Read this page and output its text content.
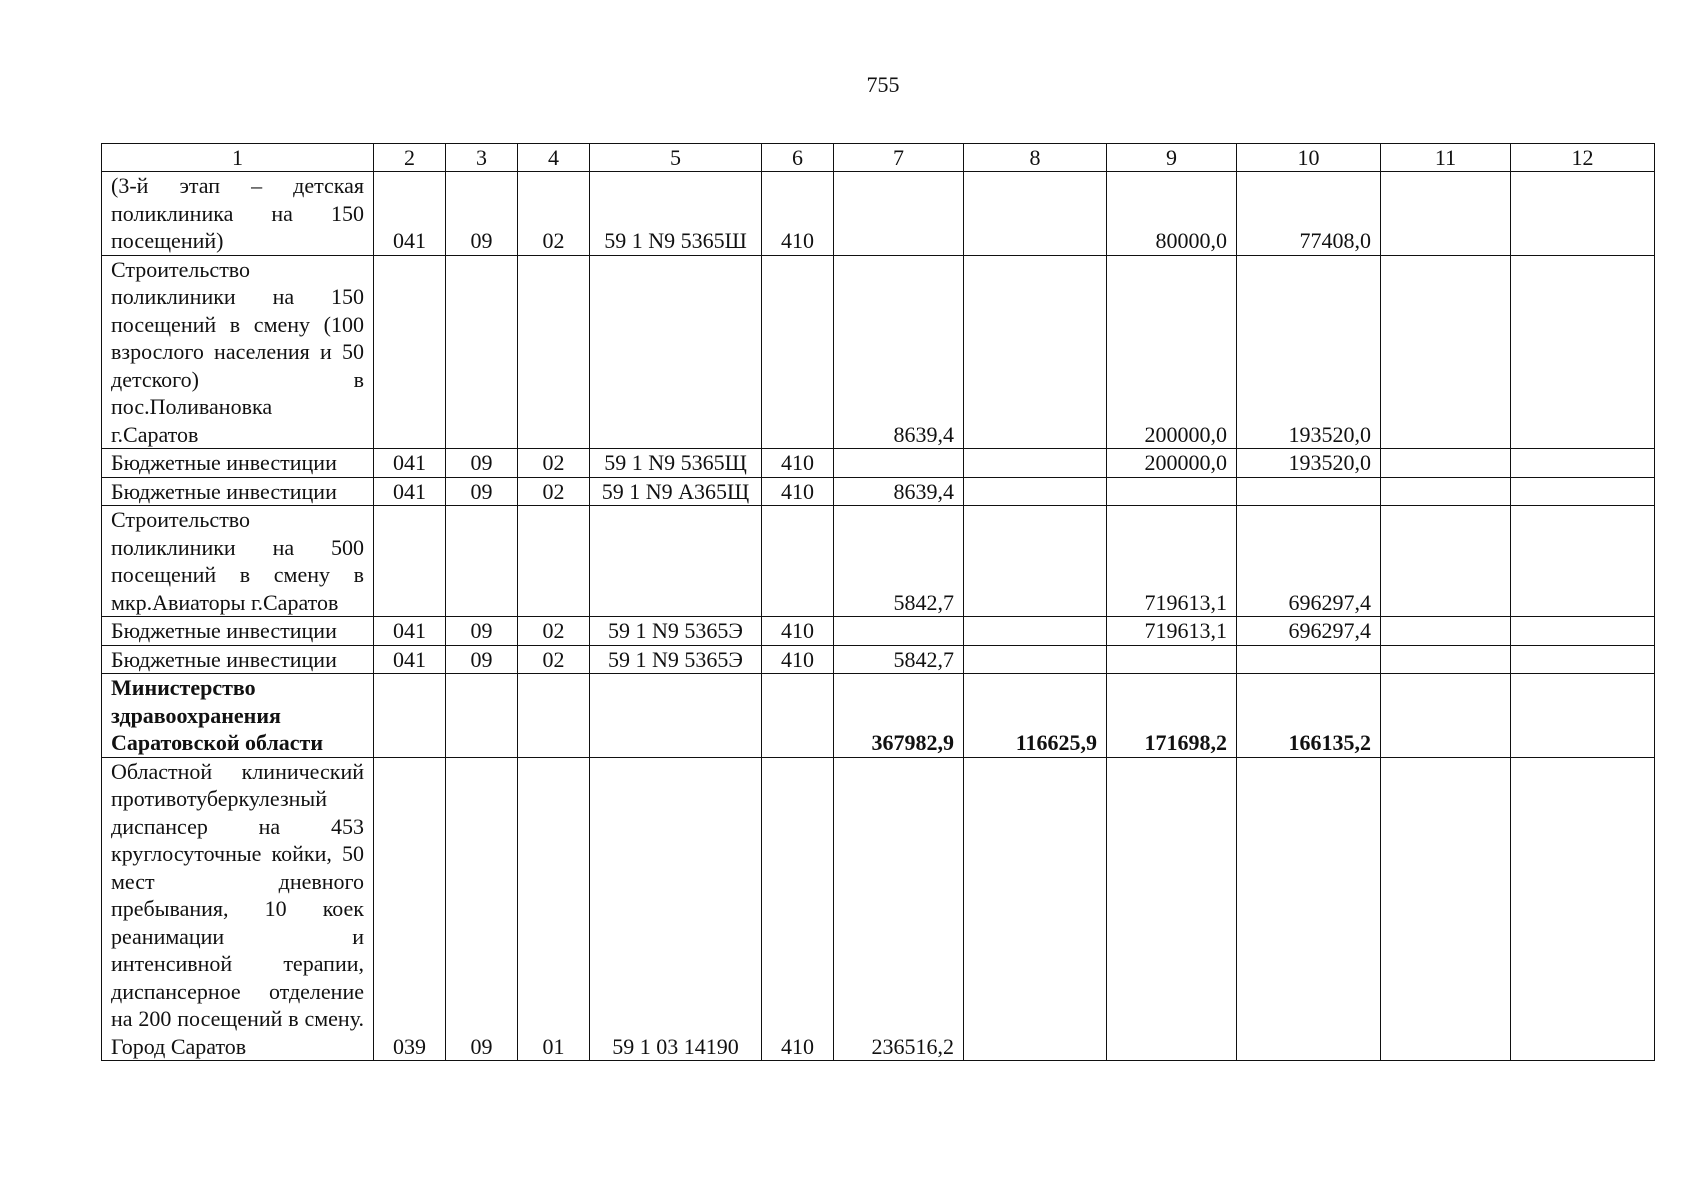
755
1	2	3	4	5	6	7	8	9	10	11	12
(3-й этап – детская поликлиника на 150 посещений)	041	09	02	59 1 N9 5365Ш	410			80000,0	77408,0		
Строительство поликлиники на 150 посещений в смену (100 взрослого населения и 50 детского) в пос.Поливановка г.Саратов						8639,4		200000,0	193520,0		
Бюджетные инвестиции	041	09	02	59 1 N9 5365Щ	410			200000,0	193520,0		
Бюджетные инвестиции	041	09	02	59 1 N9 А365Щ	410	8639,4					
Строительство поликлиники на 500 посещений в смену в мкр.Авиаторы г.Саратов						5842,7		719613,1	696297,4		
Бюджетные инвестиции	041	09	02	59 1 N9 5365Э	410			719613,1	696297,4		
Бюджетные инвестиции	041	09	02	59 1 N9 5365Э	410	5842,7					
Министерство здравоохранения Саратовской области						367982,9	116625,9	171698,2	166135,2		
Областной клинический противотуберкулезный диспансер на 453 круглосуточные койки, 50 мест дневного пребывания, 10 коек реанимации и интенсивной терапии, диспансерное отделение на 200 посещений в смену. Город Саратов	039	09	01	59 1 03 14190	410	236516,2					
